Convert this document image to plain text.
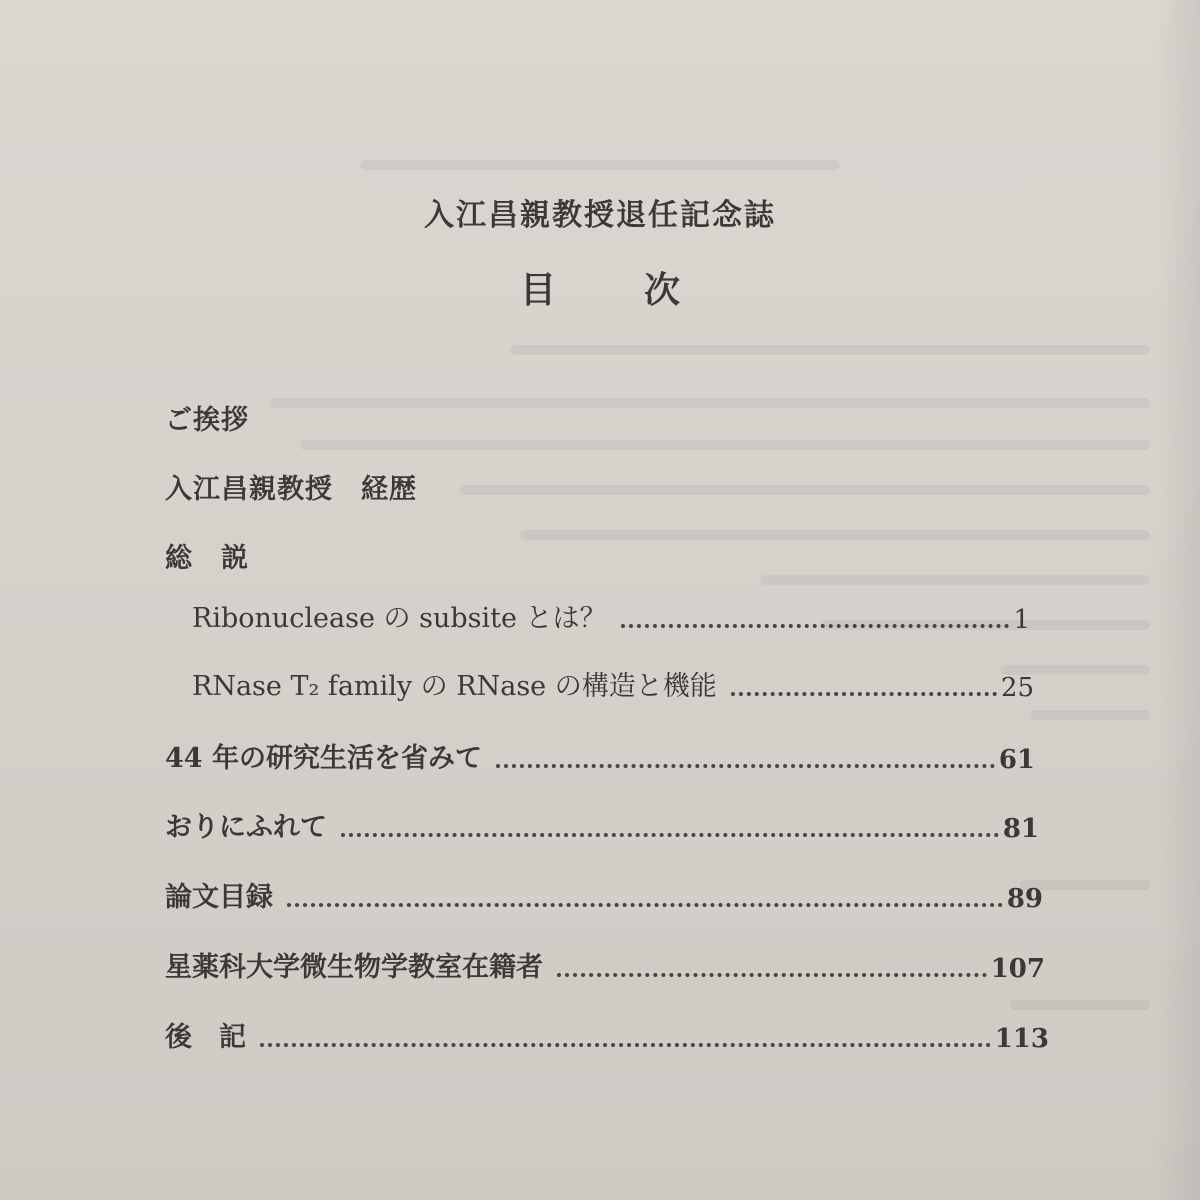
入江昌親教授退任記念誌
目 次
ご挨拶
入江昌親教授　経歴
総　説
Ribonuclease の subsite とは？	1
RNase T₂ family の RNase の構造と機能	25
44 年の研究生活を省みて	61
おりにふれて	81
論文目録	89
星薬科大学微生物学教室在籍者	107
後　記	113
